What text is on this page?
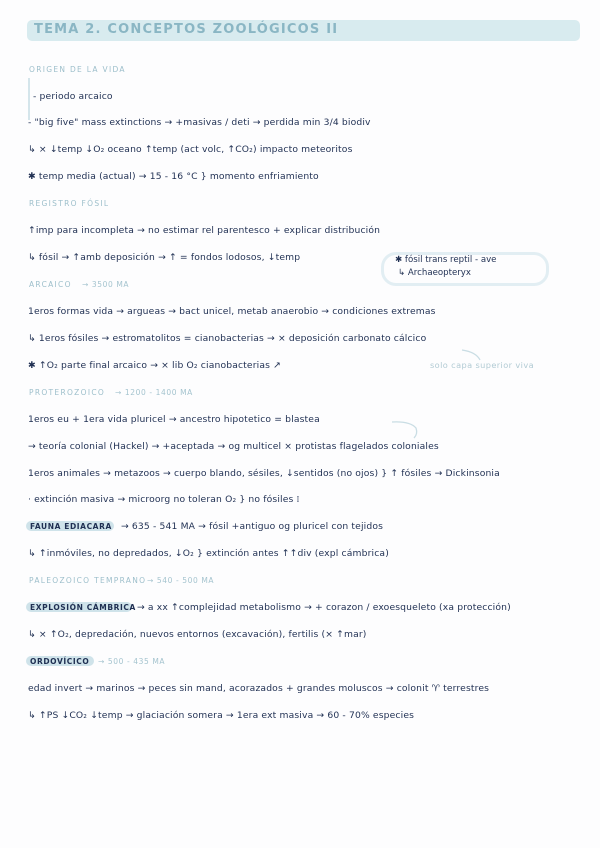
TEMA 2. CONCEPTOS ZOOLÓGICOS II
ORIGEN DE LA VIDA
- periodo arcaico
- "big five" mass extinctions → +masivas / deti → perdida min 3/4 biodiv
↳ × ↓temp ↓O₂ oceano ↑temp (act volc, ↑CO₂) impacto meteoritos
✱ temp media (actual) → 15 - 16 °C } momento enfriamiento
REGISTRO FÓSIL
↑imp para incompleta → no estimar rel parentesco + explicar distribución
↳ fósil → ↑amb deposición → ↑ = fondos lodosos, ↓temp	✱ fósil trans reptil - ave
↳ Archaeopteryx
ARCAICO → 3500 MA
1eros formas vida → argueas → bact unicel, metab anaerobio → condiciones extremas
↳ 1eros fósiles → estromatolitos = cianobacterias → × deposición carbonato cálcico
✱ ↑O₂ parte final arcaico → × lib O₂ cianobacterias ↗	solo capa superior viva
PROTEROZOICO → 1200 - 1400 MA
1eros eu + 1era vida pluricel → ancestro hipotetico = blastea
→ teoría colonial (Hackel) → +aceptada → og multicel × protistas flagelados coloniales
1eros animales → metazoos → cuerpo blando, sésiles, ↓sentidos (no ojos) } ↑ fósiles → Dickinsonia
· extinción masiva → microorg no toleran O₂ } no fósiles ⁞
FAUNA EDIACARA → 635 - 541 MA → fósil +antiguo og pluricel con tejidos
↳ ↑inmóviles, no depredados, ↓O₂ } extinción antes ↑↑div (expl cámbrica)
PALEOZOICO TEMPRANO → 540 - 500 MA
EXPLOSIÓN CÁMBRICA → a xx ↑complejidad metabolismo → + corazon / exoesqueleto (xa protección)
↳ × ↑O₂, depredación, nuevos entornos (excavación), fertilis (× ↑mar)
ORDOVÍCICO → 500 - 435 MA
edad invert → marinos → peces sin mand, acorazados + grandes moluscos → colonit ♈ terrestres
↳ ↑PS ↓CO₂ ↓temp → glaciación somera → 1era ext masiva → 60 - 70% especies
